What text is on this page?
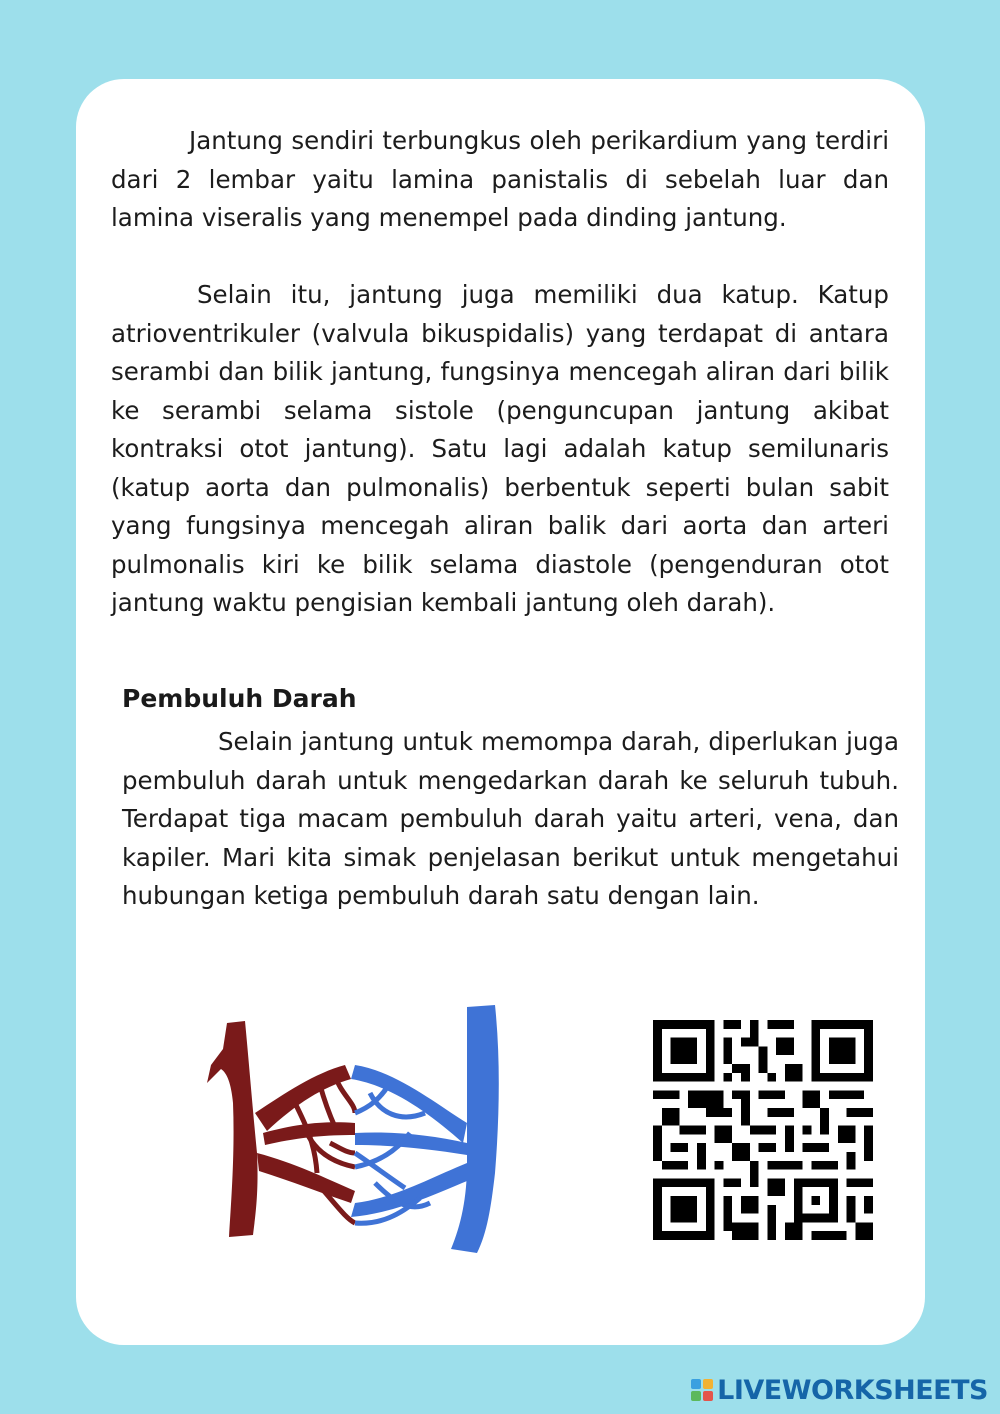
Jantung sendiri terbungkus oleh perikardium yang terdiri dari 2 lembar yaitu lamina panistalis di sebelah luar dan lamina viseralis yang menempel pada dinding jantung.

Selain itu, jantung juga memiliki dua katup. Katup atrioventrikuler (valvula bikuspidalis) yang terdapat di antara serambi dan bilik jantung, fungsinya mencegah aliran dari bilik ke serambi selama sistole (penguncupan jantung akibat kontraksi otot jantung). Satu lagi adalah katup semilunaris (katup aorta dan pulmonalis) berbentuk seperti bulan sabit yang fungsinya mencegah aliran balik dari aorta dan arteri pulmonalis kiri ke bilik selama diastole (pengenduran otot jantung waktu pengisian kembali jantung oleh darah).

Pembuluh Darah

Selain jantung untuk memompa darah, diperlukan juga pembuluh darah untuk mengedarkan darah ke seluruh tubuh. Terdapat tiga macam pembuluh darah yaitu arteri, vena, dan kapiler. Mari kita simak penjelasan berikut untuk mengetahui hubungan ketiga pembuluh darah satu dengan lain.

LIVEWORKSHEETS
